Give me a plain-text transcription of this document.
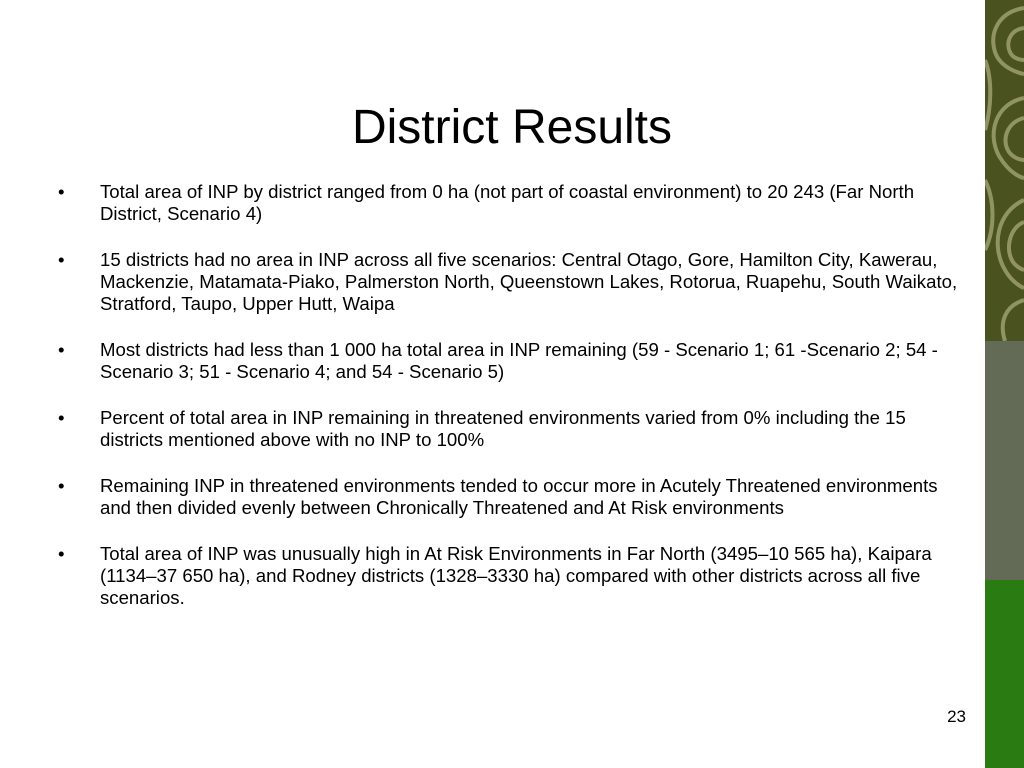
District Results
• Total area of INP by district ranged from 0 ha (not part of coastal environment) to 20 243 (Far North District, Scenario 4)
• 15 districts had no area in INP across all five scenarios: Central Otago, Gore, Hamilton City, Kawerau, Mackenzie, Matamata-Piako, Palmerston North, Queenstown Lakes, Rotorua, Ruapehu, South Waikato, Stratford, Taupo, Upper Hutt, Waipa
• Most districts had less than 1 000 ha total area in INP remaining (59 - Scenario 1; 61 -Scenario 2; 54 - Scenario 3; 51 - Scenario 4; and 54 - Scenario 5)
• Percent of total area in INP remaining in threatened environments varied from 0% including the 15 districts mentioned above with no INP to 100%
• Remaining INP in threatened environments tended to occur more in Acutely Threatened environments and then divided evenly between Chronically Threatened and At Risk environments
• Total area of INP was unusually high in At Risk Environments in Far North (3495–10 565 ha), Kaipara (1134–37 650 ha), and Rodney districts (1328–3330 ha) compared with other districts across all five scenarios.
23
